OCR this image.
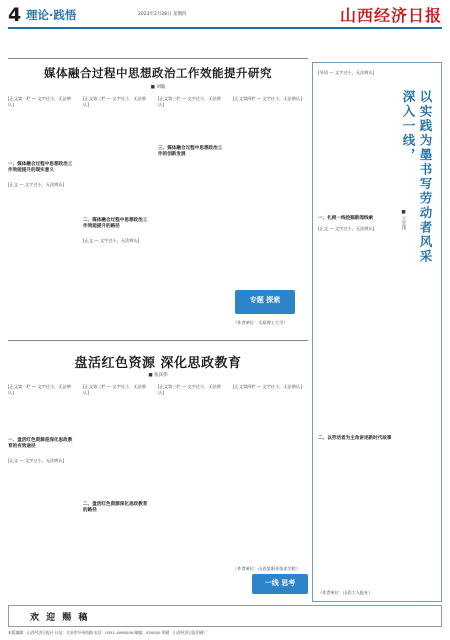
4 理论·践悟	2023年2月28日 星期四	山西经济日报
媒体融合过程中思想政治工作效能提升研究
■ 刘敏
[正文第一栏 — 文字过小，无法辨认]
一、媒体融合过程中思想政治工作效能提升的现实意义
[正文 — 文字过小，无法辨认]
[正文第二栏 — 文字过小，无法辨认]
二、媒体融合过程中思想政治工作效能提升的路径
[正文 — 文字过小，无法辨认]
[正文第三栏 — 文字过小，无法辨认]
三、媒体融合过程中思想政治工作的创新发展
[正文第四栏 — 文字过小，无法辨认]
（作者单位：太原理工大学）
专题 探索
盘活红色资源 深化思政教育
■ 张泽伟
[正文第一栏 — 文字过小，无法辨认]
一、盘活红色资源是深化思政教育的有效途径
[正文 — 文字过小，无法辨认]
[正文第二栏 — 文字过小，无法辨认]
二、盘活红色资源深化思政教育的路径
[正文第三栏 — 文字过小，无法辨认]
[正文第四栏 — 文字过小，无法辨认]
（作者单位：山西某职业技术学院）
一线 思考
[导语 — 文字过小，无法辨认]
深入一线， 以实践为墨书写劳动者风采
■ 王宏伟
一、扎根一线挖掘新闻线索
[正文 — 文字过小，无法辨认]
二、以劳动者为主角讲述新时代故事
（作者单位：山西工人报社）
欢 迎 赐 稿
本版编辑：山西经济日报社 社址：太原市并州南路 电话：0351-4060000 邮编：030000 印刷：山西经济日报印刷厂
